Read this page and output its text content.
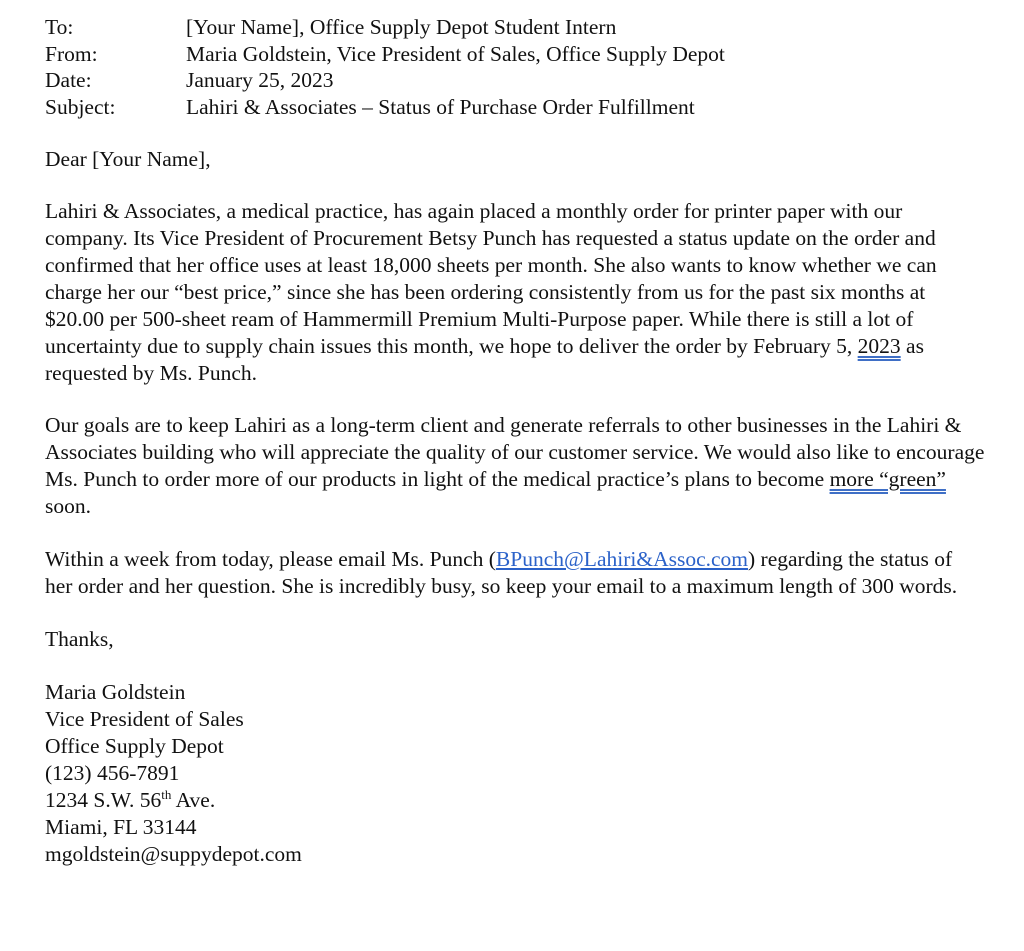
To:	[Your Name], Office Supply Depot Student Intern
From:	Maria Goldstein, Vice President of Sales, Office Supply Depot
Date:	January 25, 2023
Subject:	Lahiri & Associates – Status of Purchase Order Fulfillment
Dear [Your Name],
Lahiri & Associates, a medical practice, has again placed a monthly order for printer paper with our company. Its Vice President of Procurement Betsy Punch has requested a status update on the order and confirmed that her office uses at least 18,000 sheets per month. She also wants to know whether we can charge her our “best price,” since she has been ordering consistently from us for the past six months at $20.00 per 500-sheet ream of Hammermill Premium Multi-Purpose paper. While there is still a lot of uncertainty due to supply chain issues this month, we hope to deliver the order by February 5, 2023 as requested by Ms. Punch.
Our goals are to keep Lahiri as a long-term client and generate referrals to other businesses in the Lahiri & Associates building who will appreciate the quality of our customer service. We would also like to encourage Ms. Punch to order more of our products in light of the medical practice’s plans to become more “green” soon.
Within a week from today, please email Ms. Punch (BPunch@Lahiri&Assoc.com) regarding the status of her order and her question. She is incredibly busy, so keep your email to a maximum length of 300 words.
Thanks,
Maria Goldstein
Vice President of Sales
Office Supply Depot
(123) 456-7891
1234 S.W. 56th Ave.
Miami, FL 33144
mgoldstein@suppydepot.com
